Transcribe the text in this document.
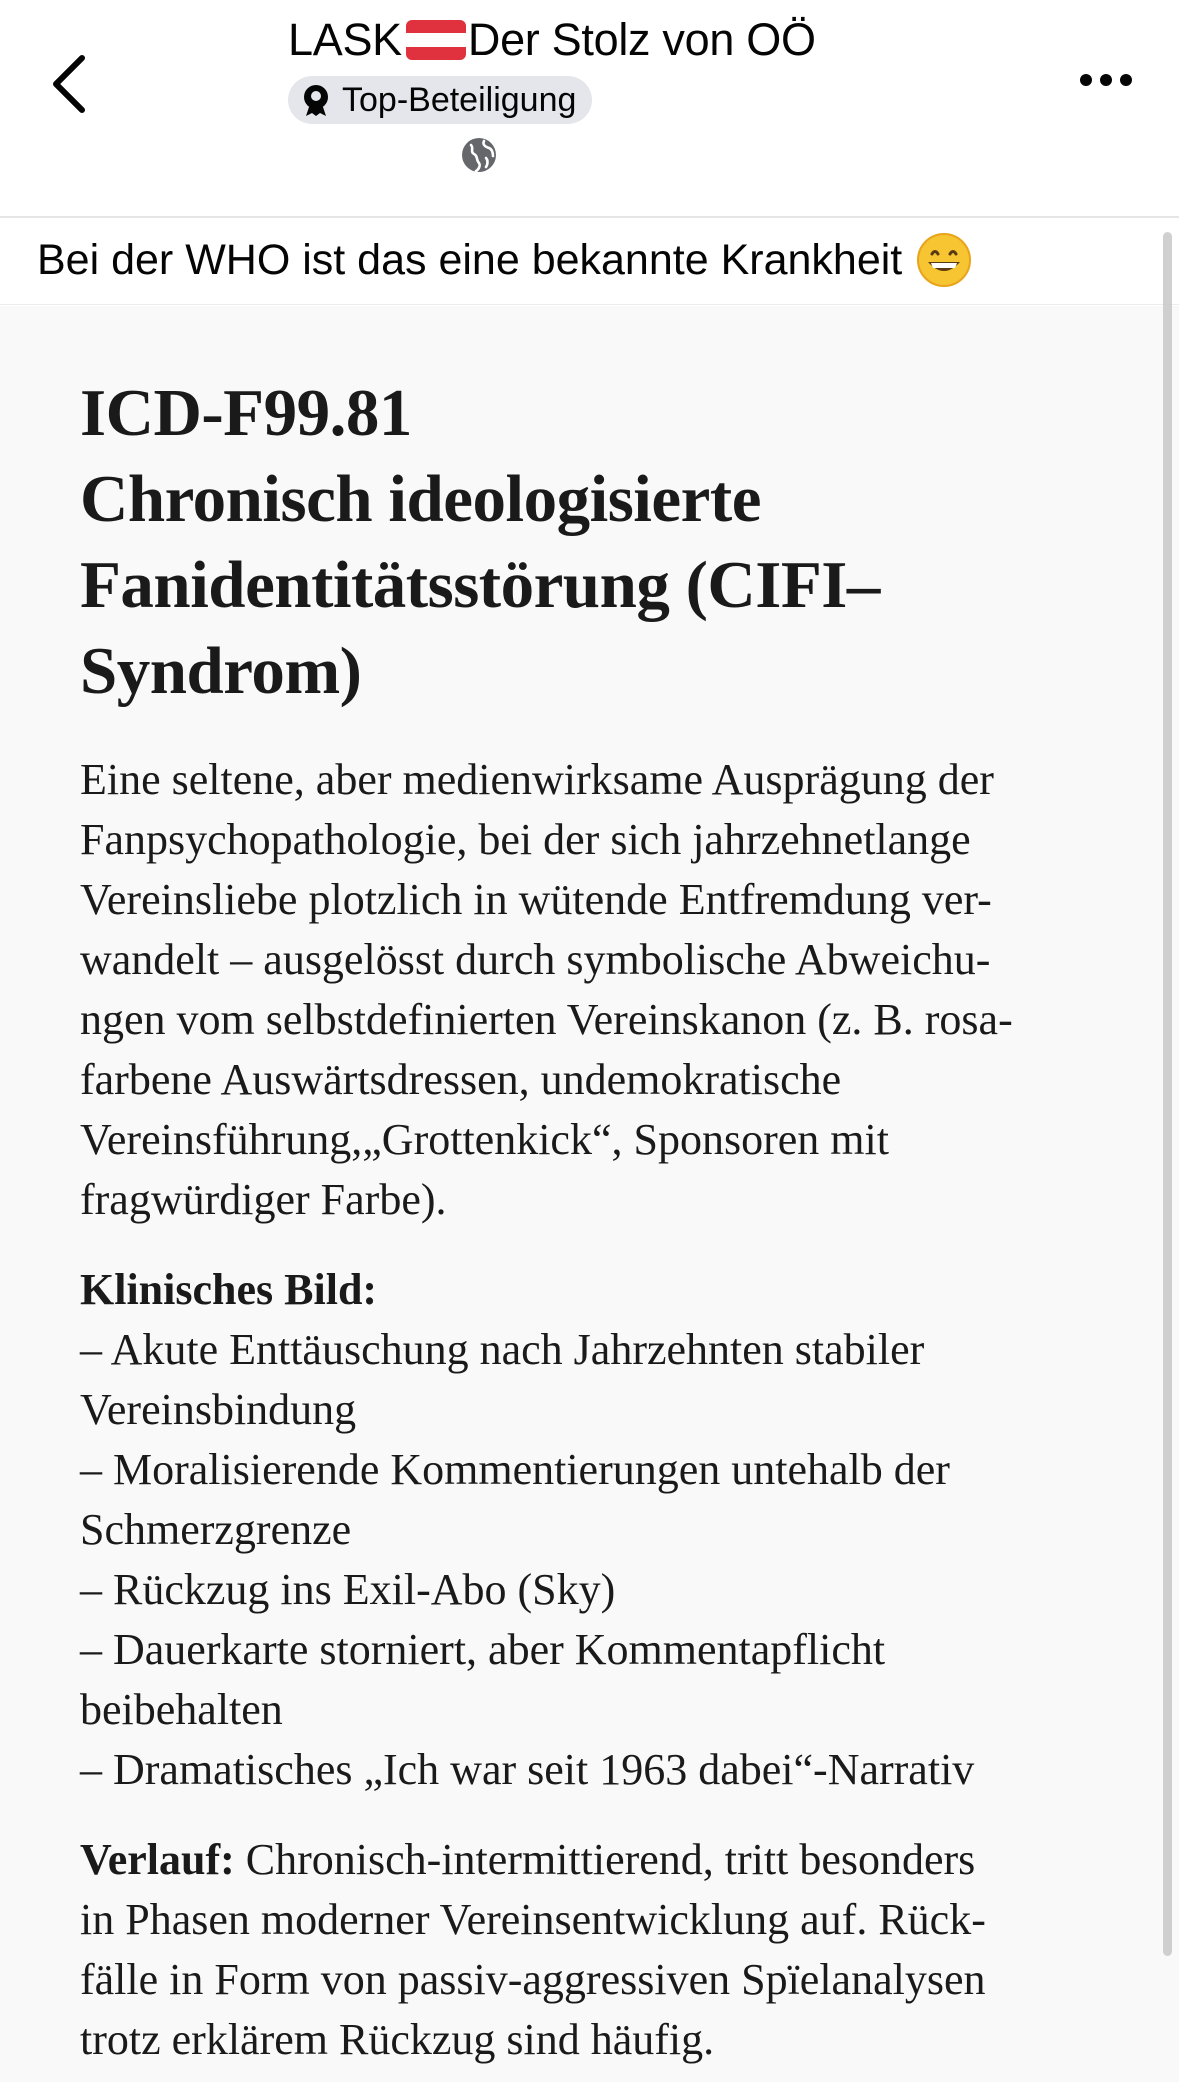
LASK Der Stolz von OÖ
Top-Beteiligung
Bei der WHO ist das eine bekannte Krankheit
ICD-F99.81
Chronisch ideologisierte
Fanidentitätsstörung (CIFI–
Syndrom)
Eine seltene, aber medienwirksame Ausprägung der
Fanpsychopathologie, bei der sich jahrzehnetlange
Vereinsliebe plotzlich in wütende Entfremdung ver-
wandelt – ausgelösst durch symbolische Abweichu-
ngen vom selbstdefinierten Vereinskanon (z. B. rosa-
farbene Auswärtsdressen, undemokratische
Vereinsführung,„Grottenkick“, Sponsoren mit
fragwürdiger Farbe).
Klinisches Bild:
– Akute Enttäuschung nach Jahrzehnten stabiler
Vereinsbindung
– Moralisierende Kommentierungen untehalb der
Schmerzgrenze
– Rückzug ins Exil-Abo (Sky)
– Dauerkarte storniert, aber Kommentapflicht
beibehalten
– Dramatisches „Ich war seit 1963 dabei“-Narrativ
Verlauf: Chronisch-intermittierend, tritt besonders
in Phasen moderner Vereinsentwicklung auf. Rück-
fälle in Form von passiv-aggressiven Spïelanalysen
trotz erklärem Rückzug sind häufig.
